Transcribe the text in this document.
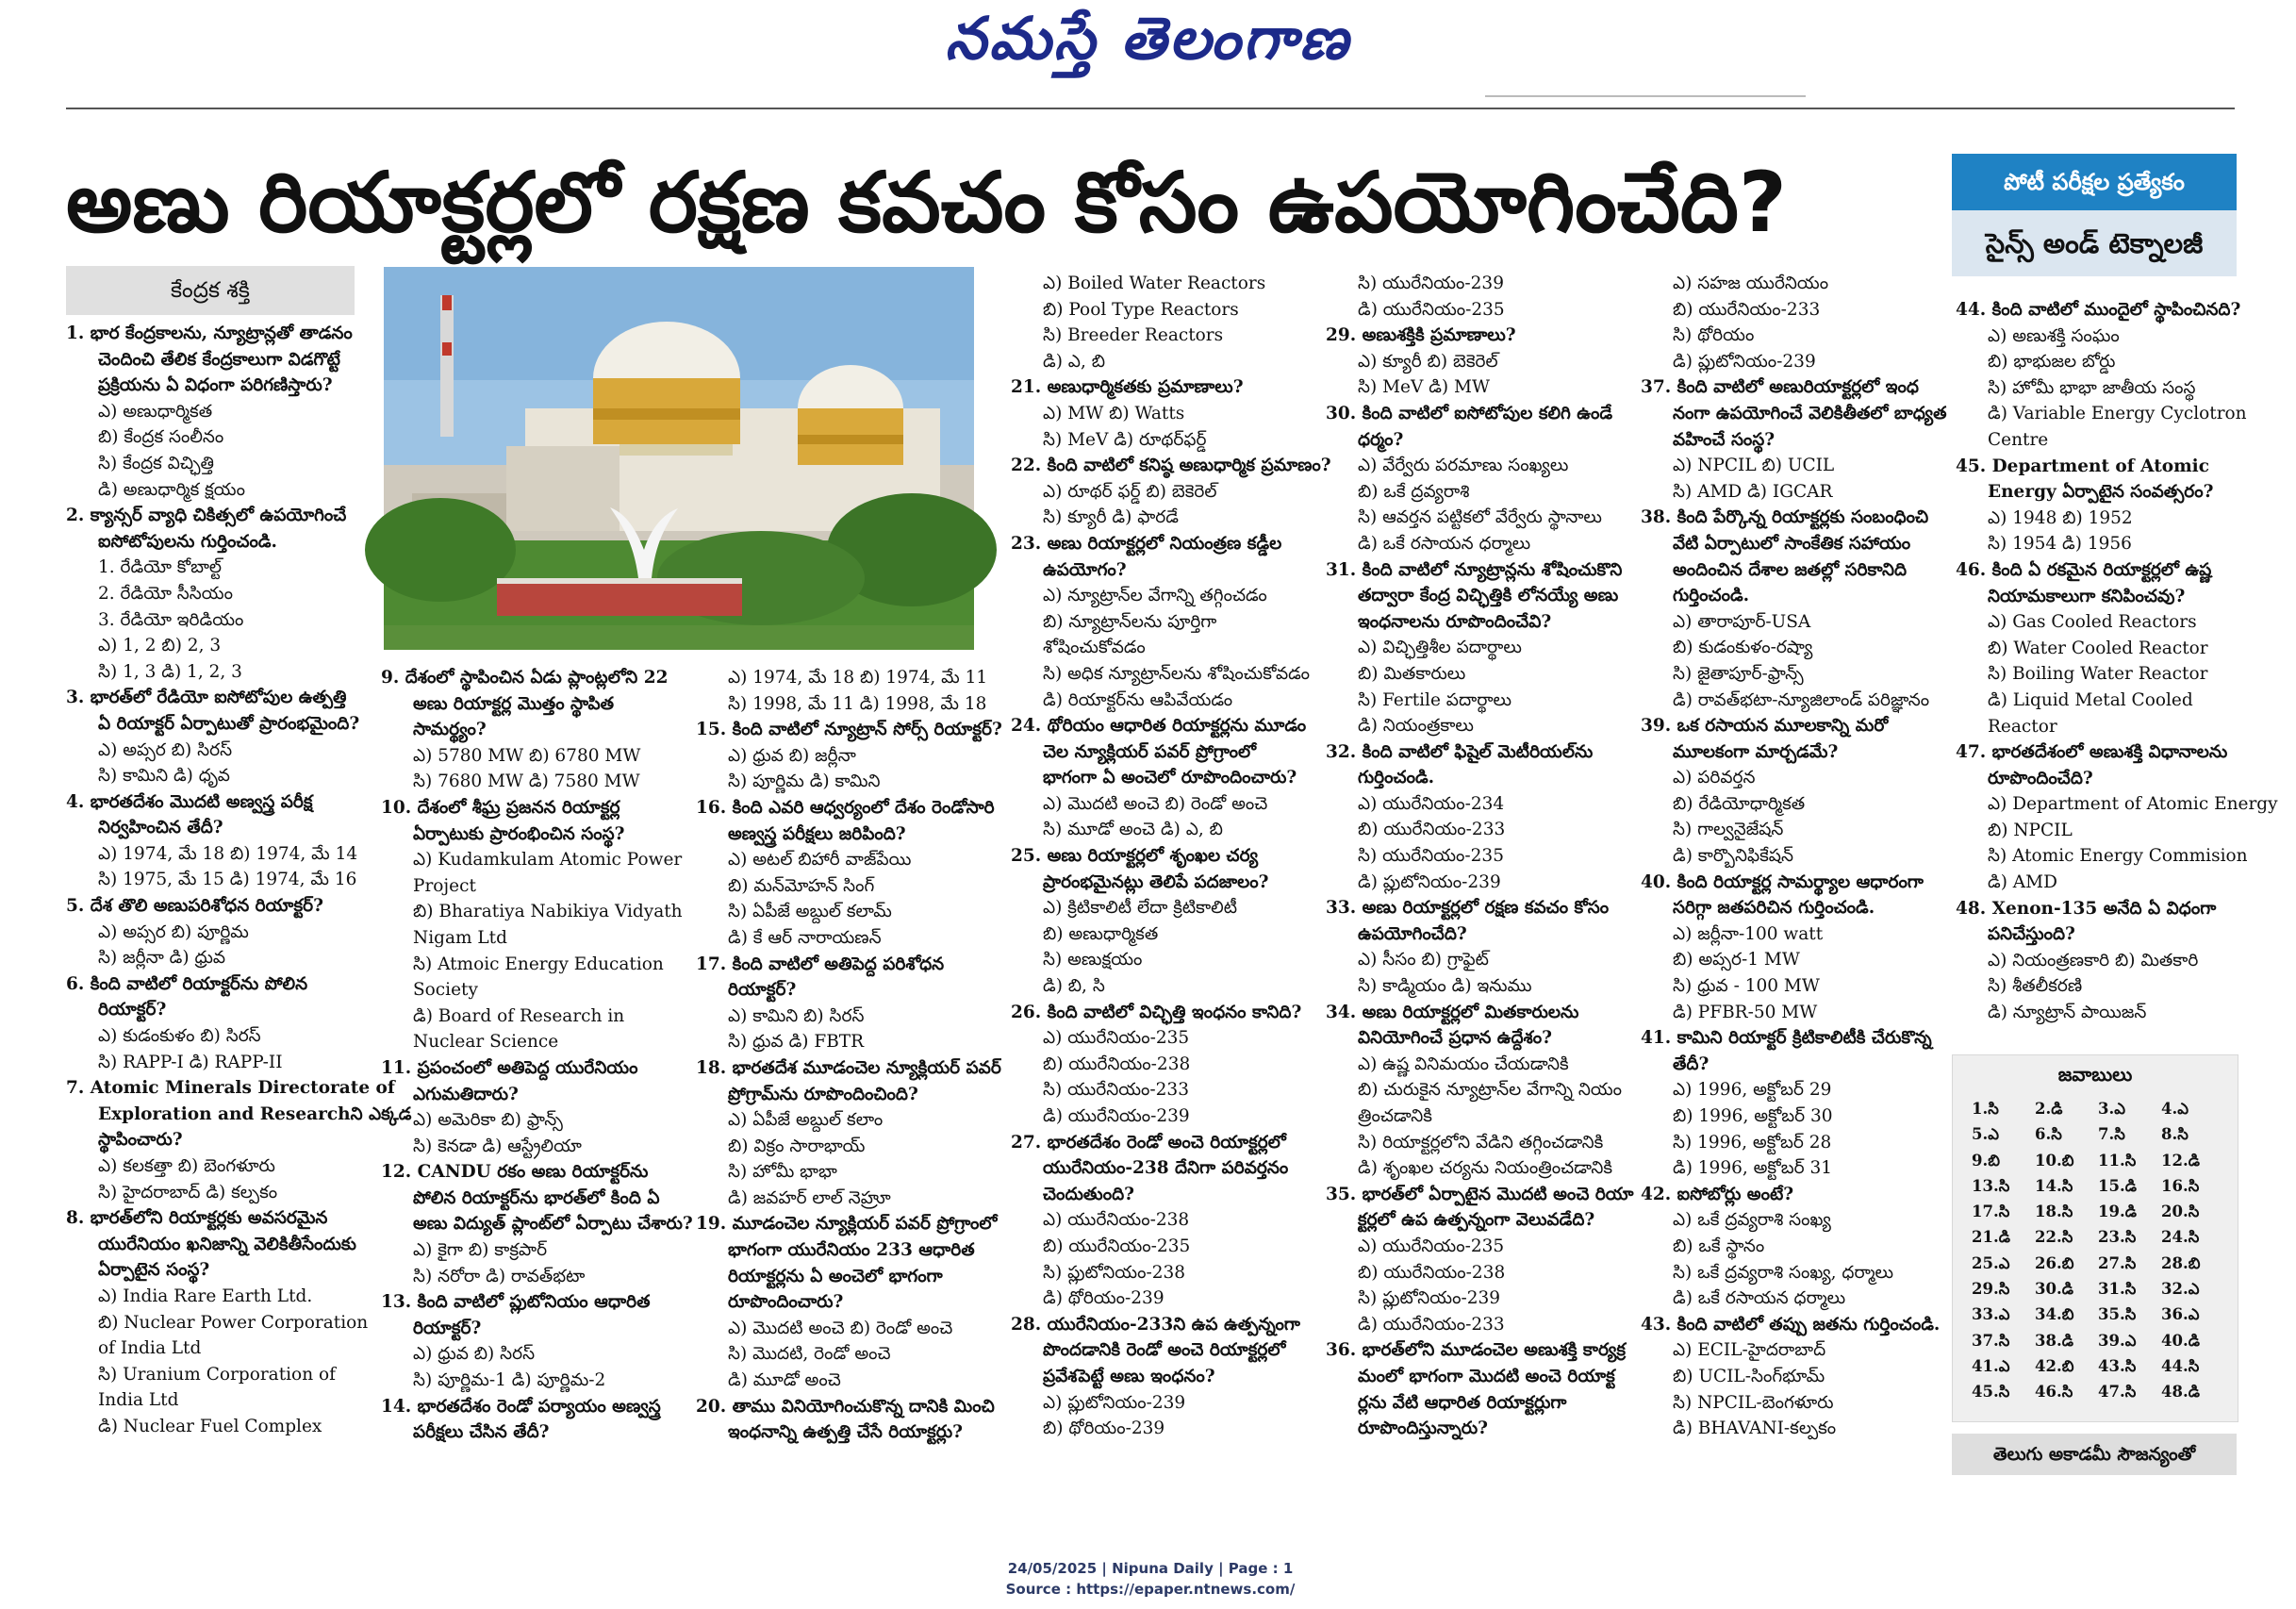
నమస్తే తెలంగాణ
అణు రియాక్టర్లలో రక్షణ కవచం కోసం ఉపయోగించేది?	పోటీ పరీక్షల ప్రత్యేకం
సైన్స్ అండ్ టెక్నాలజీ
కేంద్రక శక్తి
1. భార కేంద్రకాలను, న్యూట్రాన్లతో తాడనం
చెందించి తేలిక కేంద్రకాలుగా విడగొట్టే
ప్రక్రియను ఏ విధంగా పరిగణిస్తారు?
ఎ) అణుధార్మికత
బి) కేంద్రక సంలీనం
సి) కేంద్రక విచ్ఛిత్తి
డి) అణుధార్మిక క్షయం
2. క్యాన్సర్ వ్యాధి చికిత్సలో ఉపయోగించే
ఐసోటోపులను గుర్తించండి.
1. రేడియో కోబాల్ట్
2. రేడియో సీసియం
3. రేడియో ఇరిడియం
ఎ) 1, 2 బి) 2, 3
సి) 1, 3 డి) 1, 2, 3
3. భారత్‌లో రేడియో ఐసోటోపుల ఉత్పత్తి
ఏ రియాక్టర్ ఏర్పాటుతో ప్రారంభమైంది?
ఎ) అప్సర బి) సిరస్
సి) కామిని డి) ధృవ
4. భారతదేశం మొదటి అణ్వస్త్ర పరీక్ష
నిర్వహించిన తేదీ?
ఎ) 1974, మే 18 బి) 1974, మే 14
సి) 1975, మే 15 డి) 1974, మే 16
5. దేశ తొలి అణుపరిశోధన రియాక్టర్?
ఎ) అప్సర బి) పూర్ణిమ
సి) జర్లీనా డి) ధ్రువ
6. కింది వాటిలో రియాక్టర్‌ను పోలిన
రియాక్టర్?
ఎ) కుడంకుళం బి) సిరస్
సి) RAPP-I డి) RAPP-II
7. Atomic Minerals Directorate of
Exploration and Researchని ఎక్కడ
స్థాపించారు?
ఎ) కలకత్తా బి) బెంగళూరు
సి) హైదరాబాద్ డి) కల్పకం
8. భారత్‌లోని రియాక్టర్లకు అవసరమైన
యురేనియం ఖనిజాన్ని వెలికితీసేందుకు
ఏర్పాటైన సంస్థ?
ఎ) India Rare Earth Ltd.
బి) Nuclear Power Corporation
of India Ltd
సి) Uranium Corporation of
India Ltd
డి) Nuclear Fuel Complex
9. దేశంలో స్థాపించిన ఏడు ప్లాంట్లలోని 22
అణు రియాక్టర్ల మొత్తం స్థాపిత
సామర్థ్యం?
ఎ) 5780 MW బి) 6780 MW
సి) 7680 MW డి) 7580 MW
10. దేశంలో శీఘ్ర ప్రజనన రియాక్టర్ల
ఏర్పాటుకు ప్రారంభించిన సంస్థ?
ఎ) Kudamkulam Atomic Power
Project
బి) Bharatiya Nabikiya Vidyath
Nigam Ltd
సి) Atmoic Energy Education
Society
డి) Board of Research in
Nuclear Science
11. ప్రపంచంలో అతిపెద్ద యురేనియం
ఎగుమతిదారు?
ఎ) అమెరికా బి) ఫ్రాన్స్
సి) కెనడా డి) ఆస్ట్రేలియా
12. CANDU రకం అణు రియాక్టర్‌ను
పోలిన రియాక్టర్‌ను భారత్‌లో కింది ఏ
అణు విద్యుత్ ప్లాంట్‌లో ఏర్పాటు చేశారు?
ఎ) కైగా బి) కాక్రపార్
సి) నరోరా డి) రావత్‌భటా
13. కింది వాటిలో ప్లుటోనియం ఆధారిత
రియాక్టర్?
ఎ) ధ్రువ బి) సిరస్
సి) పూర్ణిమ-1 డి) పూర్ణిమ-2
14. భారతదేశం రెండో పర్యాయం అణ్వస్త్ర
పరీక్షలు చేసిన తేదీ?
ఎ) 1974, మే 18 బి) 1974, మే 11
సి) 1998, మే 11 డి) 1998, మే 18
15. కింది వాటిలో న్యూట్రాన్ సోర్స్ రియాక్టర్?
ఎ) ధ్రువ బి) జర్లీనా
సి) పూర్ణిమ డి) కామిని
16. కింది ఎవరి ఆధ్వర్యంలో దేశం రెండోసారి
అణ్వస్త్ర పరీక్షలు జరిపింది?
ఎ) అటల్ బిహారీ వాజ్‌పేయి
బి) మన్‌మోహన్ సింగ్
సి) ఏపీజే అబ్దుల్ కలామ్
డి) కే ఆర్ నారాయణన్
17. కింది వాటిలో అతిపెద్ద పరిశోధన
రియాక్టర్?
ఎ) కామిని బి) సిరస్
సి) ధ్రువ డి) FBTR
18. భారతదేశ మూడంచెల న్యూక్లియర్ పవర్
ప్రోగ్రామ్‌ను రూపొందించింది?
ఎ) ఏపీజే అబ్దుల్ కలాం
బి) విక్రం సారాభాయ్
సి) హోమీ భాభా
డి) జవహర్ లాల్ నెహ్రూ
19. మూడంచెల న్యూక్లియర్ పవర్ ప్రోగ్రాంలో
భాగంగా యురేనియం 233 ఆధారిత
రియాక్టర్లను ఏ అంచెలో భాగంగా
రూపొందించారు?
ఎ) మొదటి అంచె బి) రెండో అంచె
సి) మొదటి, రెండో అంచె
డి) మూడో అంచె
20. తాము వినియోగించుకొన్న దానికి మించి
ఇంధనాన్ని ఉత్పత్తి చేసే రియాక్టర్లు?
ఎ) Boiled Water Reactors
బి) Pool Type Reactors
సి) Breeder Reactors
డి) ఎ, బి
21. అణుధార్మికతకు ప్రమాణాలు?
ఎ) MW బి) Watts
సి) MeV డి) రూథర్‌ఫర్డ్
22. కింది వాటిలో కనిష్ఠ అణుధార్మిక ప్రమాణం?
ఎ) రూథర్ ఫర్డ్ బి) బెకెరెల్
సి) క్యూరీ డి) ఫారడే
23. అణు రియాక్టర్లలో నియంత్రణ కడ్డీల
ఉపయోగం?
ఎ) న్యూట్రాన్‌ల వేగాన్ని తగ్గించడం
బి) న్యూట్రాన్‌లను పూర్తిగా
శోషించుకోవడం
సి) అధిక న్యూట్రాన్‌లను శోషించుకోవడం
డి) రియాక్టర్‌ను ఆపివేయడం
24. థోరియం ఆధారిత రియాక్టర్లను మూడం
చెల న్యూక్లియర్ పవర్ ప్రోగ్రాంలో
భాగంగా ఏ అంచెలో రూపొందించారు?
ఎ) మొదటి అంచె బి) రెండో అంచె
సి) మూడో అంచె డి) ఎ, బి
25. అణు రియాక్టర్లలో శృంఖల చర్య
ప్రారంభమైనట్లు తెలిపే పదజాలం?
ఎ) క్రిటికాలిటీ లేదా క్రిటికాలిటీ
బి) అణుధార్మికత
సి) అణుక్షయం
డి) బి, సి
26. కింది వాటిలో విచ్ఛిత్తి ఇంధనం కానిది?
ఎ) యురేనియం-235
బి) యురేనియం-238
సి) యురేనియం-233
డి) యురేనియం-239
27. భారతదేశం రెండో అంచె రియాక్టర్లలో
యురేనియం-238 దేనిగా పరివర్తనం
చెందుతుంది?
ఎ) యురేనియం-238
బి) యురేనియం-235
సి) ప్లుటోనియం-238
డి) థోరియం-239
28. యురేనియం-233ని ఉప ఉత్పన్నంగా
పొందడానికి రెండో అంచె రియాక్టర్లలో
ప్రవేశపెట్టే అణు ఇంధనం?
ఎ) ప్లుటోనియం-239
బి) థోరియం-239
సి) యురేనియం-239
డి) యురేనియం-235
29. అణుశక్తికి ప్రమాణాలు?
ఎ) క్యూరీ బి) బెకెరెల్
సి) MeV డి) MW
30. కింది వాటిలో ఐసోటోపుల కలిగి ఉండే
ధర్మం?
ఎ) వేర్వేరు పరమాణు సంఖ్యలు
బి) ఒకే ద్రవ్యరాశి
సి) ఆవర్తన పట్టికలో వేర్వేరు స్థానాలు
డి) ఒకే రసాయన ధర్మాలు
31. కింది వాటిలో న్యూట్రాన్లను శోషించుకొని
తద్వారా కేంద్ర విచ్ఛిత్తికి లోనయ్యే అణు
ఇంధనాలను రూపొందించేవి?
ఎ) విచ్ఛిత్తిశీల పదార్థాలు
బి) మితకారులు
సి) Fertile పదార్థాలు
డి) నియంత్రకాలు
32. కింది వాటిలో ఫిషైల్ మెటీరియల్‌ను
గుర్తించండి.
ఎ) యురేనియం-234
బి) యురేనియం-233
సి) యురేనియం-235
డి) ప్లుటోనియం-239
33. అణు రియాక్టర్లలో రక్షణ కవచం కోసం
ఉపయోగించేది?
ఎ) సీసం బి) గ్రాఫైట్
సి) కాడ్మియం డి) ఇనుము
34. అణు రియాక్టర్లలో మితకారులను
వినియోగించే ప్రధాన ఉద్దేశం?
ఎ) ఉష్ణ వినిమయం చేయడానికి
బి) చురుకైన న్యూట్రాన్‌ల వేగాన్ని నియం
త్రించడానికి
సి) రియాక్టర్లలోని వేడిని తగ్గించడానికి
డి) శృంఖల చర్యను నియంత్రించడానికి
35. భారత్‌లో ఏర్పాటైన మొదటి అంచె రియా
క్టర్లలో ఉప ఉత్పన్నంగా వెలువడేది?
ఎ) యురేనియం-235
బి) యురేనియం-238
సి) ప్లుటోనియం-239
డి) యురేనియం-233
36. భారత్‌లోని మూడంచెల అణుశక్తి కార్యక్ర
మంలో భాగంగా మొదటి అంచె రియాక్ట
ర్లను వేటి ఆధారిత రియాక్టర్లుగా
రూపొందిస్తున్నారు?
ఎ) సహజ యురేనియం
బి) యురేనియం-233
సి) థోరియం
డి) ప్లుటోనియం-239
37. కింది వాటిలో అణురియాక్టర్లలో ఇంధ
నంగా ఉపయోగించే వెలికితీతలో బాధ్యత
వహించే సంస్థ?
ఎ) NPCIL బి) UCIL
సి) AMD డి) IGCAR
38. కింది పేర్కొన్న రియాక్టర్లకు సంబంధించి
వేటి ఏర్పాటులో సాంకేతిక సహాయం
అందించిన దేశాల జతల్లో సరికానిది
గుర్తించండి.
ఎ) తారాపూర్-USA
బి) కుడంకుళం-రష్యా
సి) జైతాపూర్-ఫ్రాన్స్
డి) రావత్‌భటా-న్యూజిలాండ్ పరిజ్ఞానం
39. ఒక రసాయన మూలకాన్ని మరో
మూలకంగా మార్చడమే?
ఎ) పరివర్తన
బి) రేడియోధార్మికత
సి) గాల్వనైజేషన్
డి) కార్బొనిఫికేషన్
40. కింది రియాక్టర్ల సామర్థ్యాల ఆధారంగా
సరిగ్గా జతపరిచిన గుర్తించండి.
ఎ) జర్లీనా-100 watt
బి) అప్సర-1 MW
సి) ధ్రువ - 100 MW
డి) PFBR-50 MW
41. కామిని రియాక్టర్ క్రిటికాలిటీకి చేరుకొన్న
తేదీ?
ఎ) 1996, అక్టోబర్ 29
బి) 1996, అక్టోబర్ 30
సి) 1996, అక్టోబర్ 28
డి) 1996, అక్టోబర్ 31
42. ఐసోబోర్లు అంటే?
ఎ) ఒకే ద్రవ్యరాశి సంఖ్య
బి) ఒకే స్థానం
సి) ఒకే ద్రవ్యరాశి సంఖ్య, ధర్మాలు
డి) ఒకే రసాయన ధర్మాలు
43. కింది వాటిలో తప్పు జతను గుర్తించండి.
ఎ) ECIL-హైదరాబాద్
బి) UCIL-సింగ్‌భూమ్
సి) NPCIL-బెంగళూరు
డి) BHAVANI-కల్పకం
44. కింది వాటిలో ముందైలో స్థాపించినది?
ఎ) అణుశక్తి సంఘం
బి) భాభుజల బోర్డు
సి) హోమీ భాభా జాతీయ సంస్థ
డి) Variable Energy Cyclotron
Centre
45. Department of Atomic
Energy ఏర్పాటైన సంవత్సరం?
ఎ) 1948 బి) 1952
సి) 1954 డి) 1956
46. కింది ఏ రకమైన రియాక్టర్లలో ఉష్ణ
నియామకాలుగా కనిపించవు?
ఎ) Gas Cooled Reactors
బి) Water Cooled Reactor
సి) Boiling Water Reactor
డి) Liquid Metal Cooled
Reactor
47. భారతదేశంలో అణుశక్తి విధానాలను
రూపొందించేది?
ఎ) Department of Atomic Energy
బి) NPCIL
సి) Atomic Energy Commision
డి) AMD
48. Xenon-135 అనేది ఏ విధంగా
పనిచేస్తుంది?
ఎ) నియంత్రణకారి బి) మితకారి
సి) శీతలీకరణి
డి) న్యూట్రాన్ పాయిజన్
జవాబులు
1.సి	2.డి	3.ఎ	4.ఎ
5.ఎ	6.సి	7.సి	8.సి
9.బి	10.బి	11.సి	12.డి
13.సి	14.సి	15.డి	16.సి
17.సి	18.సి	19.డి	20.సి
21.డి	22.సి	23.సి	24.సి
25.ఎ	26.బి	27.సి	28.బి
29.సి	30.డి	31.సి	32.ఎ
33.ఎ	34.బి	35.సి	36.ఎ
37.సి	38.డి	39.ఎ	40.డి
41.ఎ	42.బి	43.సి	44.సి
45.సి	46.సి	47.సి	48.డి
తెలుగు అకాడమీ సౌజన్యంతో
24/05/2025 | Nipuna Daily | Page : 1
Source : https://epaper.ntnews.com/
